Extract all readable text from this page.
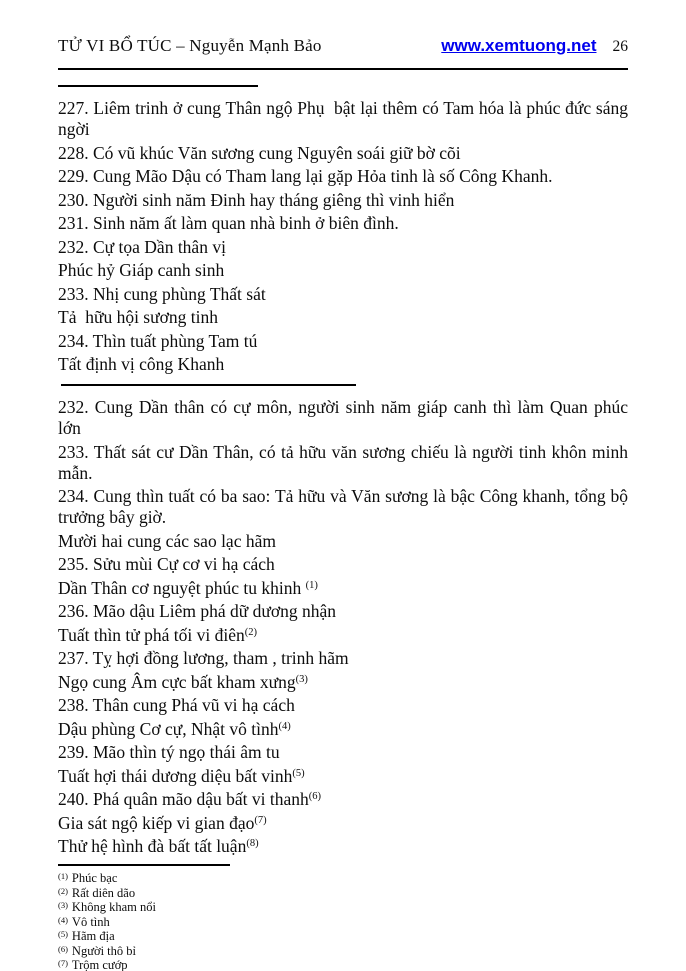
TỬ VI BỔ TÚC – Nguyễn Mạnh Bảo	www.xemtuong.net 26

227. Liêm trinh ở cung Thân ngộ Phụ  bật lại thêm có Tam hóa là phúc đức sáng ngời

228. Có vũ khúc Văn sương cung Nguyên soái giữ bờ cõi

229. Cung Mão Dậu có Tham lang lại gặp Hỏa tinh là số Công Khanh.

230. Người sinh năm Đinh hay tháng giêng thì vinh hiển

231. Sinh năm ất làm quan nhà binh ở biên đình.

232. Cự tọa Dần thân vị

Phúc hỷ Giáp canh sinh

233. Nhị cung phùng Thất sát

Tả  hữu hội sương tinh

234. Thìn tuất phùng Tam tú

Tất định vị công Khanh

232. Cung Dần thân có cự môn, người sinh năm giáp canh thì làm Quan phúc lớn

233. Thất sát cư Dần Thân, có tả hữu văn sương chiếu là người tinh khôn minh mẫn.

234. Cung thìn tuất có ba sao: Tả hữu và Văn sương là bậc Công khanh, tổng bộ trưởng bây giờ.

Mười hai cung các sao lạc hãm

235. Sửu mùi Cự cơ vi hạ cách

Dần Thân cơ nguyệt phúc tu khinh $^{(1)}$

236. Mão dậu Liêm phá dữ dương nhận

Tuất thìn tử phá tối vi điên$^{(2)}$

237. Tỵ hợi đồng lương, tham , trinh hãm

Ngọ cung Âm cực bất kham xưng$^{(3)}$

238. Thân cung Phá vũ vi hạ cách

Dậu phùng Cơ cự, Nhật vô tình$^{(4)}$

239. Mão thìn tý ngọ thái âm tu

Tuất hợi thái dương diệu bất vinh$^{(5)}$

240. Phá quân mão dậu bất vi thanh$^{(6)}$

Gia sát ngộ kiếp vi gian đạo$^{(7)}$

Thử hệ hình đà bất tất luận$^{(8)}$

$^{(1)}$ Phúc bạc

$^{(2)}$ Rất diên dão

$^{(3)}$ Không kham nổi

$^{(4)}$ Vô tình

$^{(5)}$ Hãm địa

$^{(6)}$ Người thô bỉ

$^{(7)}$ Trộm cướp
